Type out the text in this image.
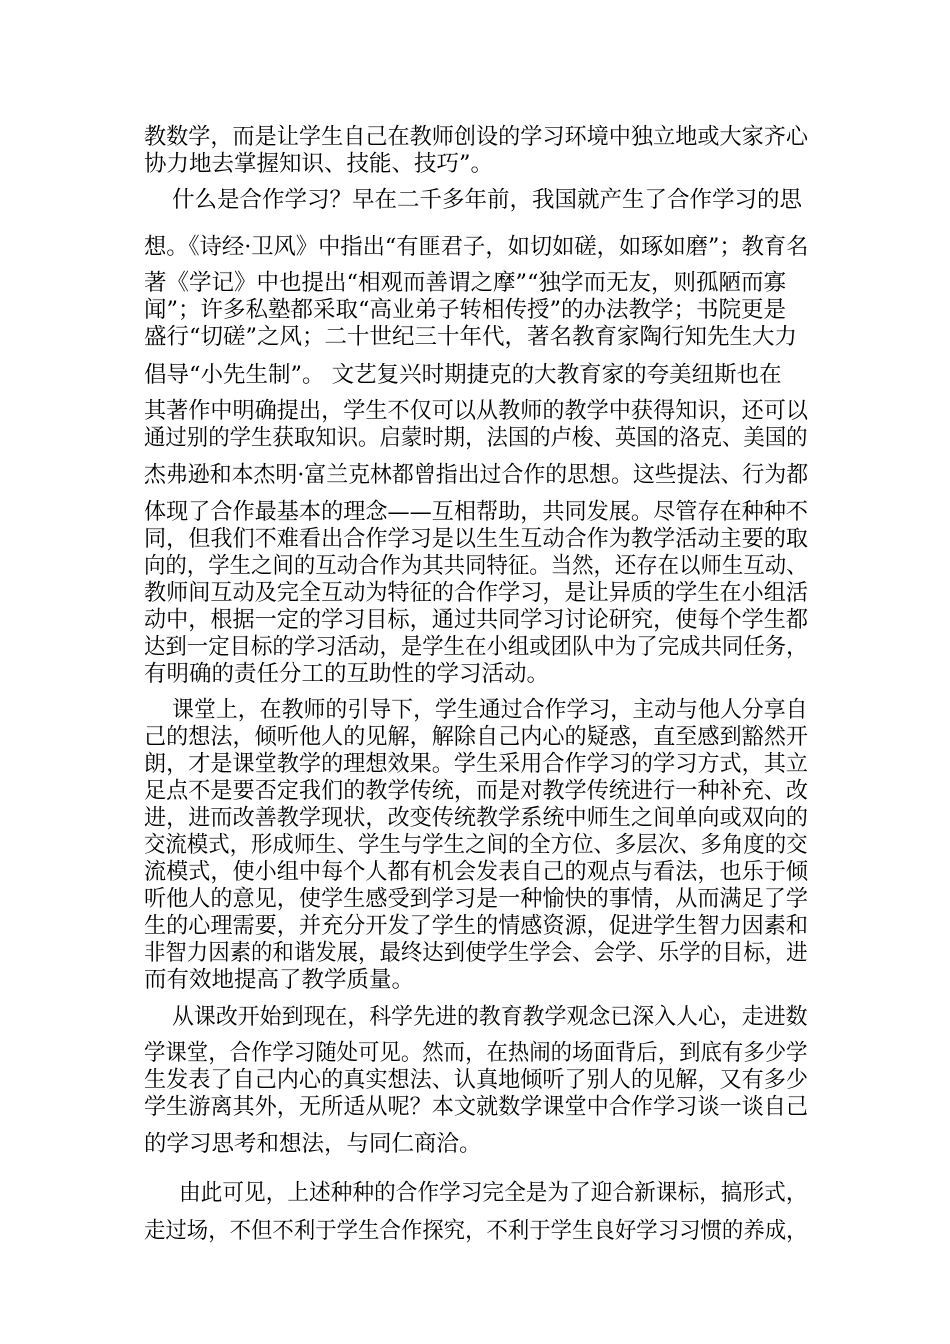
教数学，而是让学生自己在教师创设的学习环境中独立地或大家齐心
协力地去掌握知识、技能、技巧”。
什么是合作学习？早在二千多年前，我国就产生了合作学习的思
想。《诗经·卫风》中指出“有匪君子，如切如磋，如琢如磨”；教育名
著《学记》中也提出“相观而善谓之摩”“独学而无友，则孤陋而寡
闻”；许多私塾都采取“高业弟子转相传授”的办法教学；书院更是
盛行“切磋”之风；二十世纪三十年代，著名教育家陶行知先生大力
倡导“小先生制”。 文艺复兴时期捷克的大教育家的夸美纽斯也在
其著作中明确提出，学生不仅可以从教师的教学中获得知识，还可以
通过别的学生获取知识。启蒙时期，法国的卢梭、英国的洛克、美国的
杰弗逊和本杰明·富兰克林都曾指出过合作的思想。这些提法、行为都
体现了合作最基本的理念——互相帮助，共同发展。尽管存在种种不
同，但我们不难看出合作学习是以生生互动合作为教学活动主要的取
向的，学生之间的互动合作为其共同特征。当然，还存在以师生互动、
教师间互动及完全互动为特征的合作学习，是让异质的学生在小组活
动中，根据一定的学习目标，通过共同学习讨论研究，使每个学生都
达到一定目标的学习活动，是学生在小组或团队中为了完成共同任务，
有明确的责任分工的互助性的学习活动。
课堂上，在教师的引导下，学生通过合作学习，主动与他人分享自
己的想法，倾听他人的见解，解除自己内心的疑惑，直至感到豁然开
朗，才是课堂教学的理想效果。学生采用合作学习的学习方式，其立
足点不是要否定我们的教学传统，而是对教学传统进行一种补充、改
进，进而改善教学现状，改变传统教学系统中师生之间单向或双向的
交流模式，形成师生、学生与学生之间的全方位、多层次、多角度的交
流模式，使小组中每个人都有机会发表自己的观点与看法，也乐于倾
听他人的意见，使学生感受到学习是一种愉快的事情，从而满足了学
生的心理需要，并充分开发了学生的情感资源，促进学生智力因素和
非智力因素的和谐发展，最终达到使学生学会、会学、乐学的目标，进
而有效地提高了教学质量。
从课改开始到现在，科学先进的教育教学观念已深入人心，走进数
学课堂，合作学习随处可见。然而，在热闹的场面背后，到底有多少学
生发表了自己内心的真实想法、认真地倾听了别人的见解，又有多少
学生游离其外，无所适从呢？本文就数学课堂中合作学习谈一谈自己
的学习思考和想法，与同仁商洽。
由此可见，上述种种的合作学习完全是为了迎合新课标，搞形式，
走过场，不但不利于学生合作探究，不利于学生良好学习习惯的养成，
